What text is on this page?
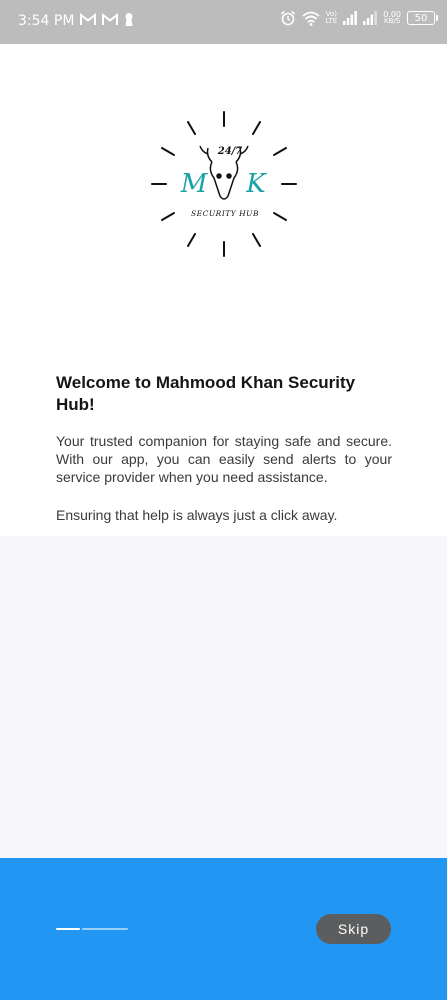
3:54 PM	Vo)
LTE
0.00
KB/S 50
24/7
M K
SECURITY HUB
Welcome to Mahmood Khan Security Hub!

Your trusted companion for staying safe and secure. With our app, you can easily send alerts to your service provider when you need assistance.

Ensuring that help is always just a click away.

Skip
